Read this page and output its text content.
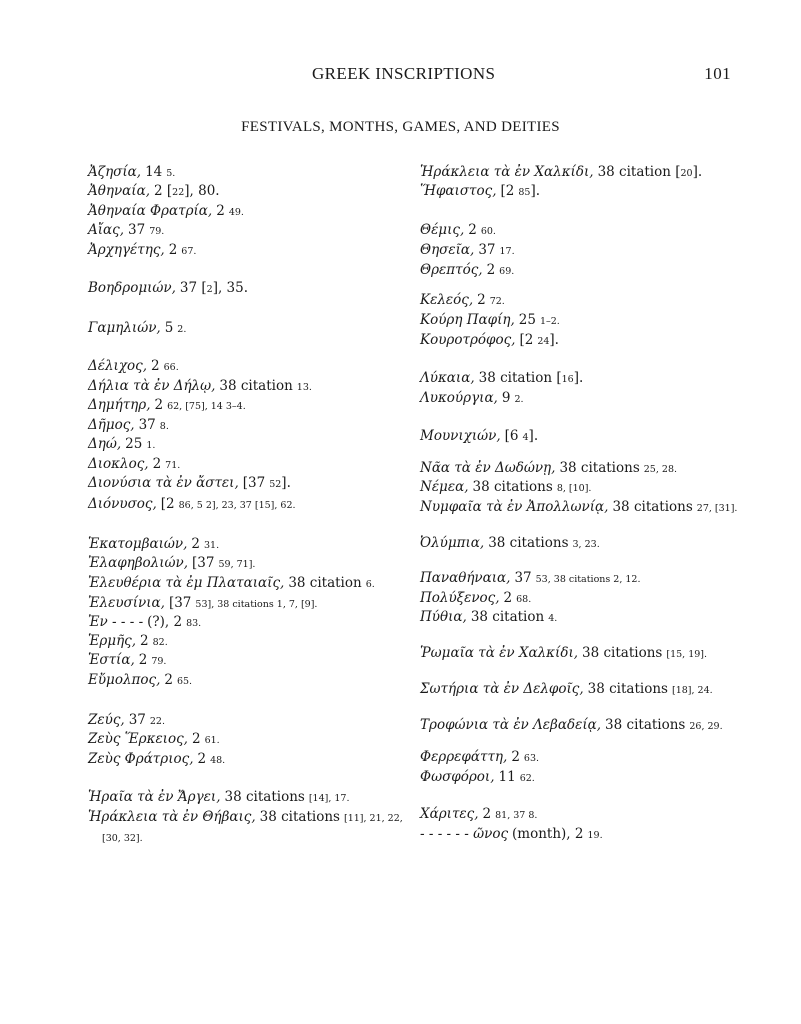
GREEK INSCRIPTIONS	101
FESTIVALS, MONTHS, GAMES, AND DEITIES
Ἀζησία, 14 5.
Ἀθηναία, 2 [22], 80.
Ἀθηναία Φρατρία, 2 49.
Αἴας, 37 79.
Ἀρχηγέτης, 2 67.
Βοηδρομιών, 37 [2], 35.
Γαμηλιών, 5 2.
Δέλιχος, 2 66.
Δήλια τὰ ἐν Δήλῳ, 38 citation 13.
Δημήτηρ, 2 62, [75], 14 3–4.
Δῆμος, 37 8.
Δηώ, 25 1.
Διοκλος, 2 71.
Διονύσια τὰ ἐν ἄστει, [37 52].
Διόνυσος, [2 86, 5 2], 23, 37 [15], 62.
Ἑκατομβαιών, 2 31.
Ἐλαφηβολιών, [37 59, 71].
Ἐλευθέρια τὰ ἐμ Πλαταιαῖς, 38 citation 6.
Ἐλευσίνια, [37 53], 38 citations 1, 7, [9].
Ἐν - - - - (?), 2 83.
Ἑρμῆς, 2 82.
Ἑστία, 2 79.
Εὔμολπος, 2 65.
Ζεύς, 37 22.
Ζεὺς Ἕρκειος, 2 61.
Ζεὺς Φράτριος, 2 48.
Ἡραῖα τὰ ἐν Ἄργει, 38 citations [14], 17.
Ἡράκλεια τὰ ἐν Θήβαις, 38 citations [11], 21, 22,
[30, 32].
Ἡράκλεια τὰ ἐν Χαλκίδι, 38 citation [20].
Ἥφαιστος, [2 85].
Θέμις, 2 60.
Θησεῖα, 37 17.
Θρεπτός, 2 69.
Κελεός, 2 72.
Κούρη Παφίη, 25 1–2.
Κουροτρόφος, [2 24].
Λύκαια, 38 citation [16].
Λυκούργια, 9 2.
Μουνιχιών, [6 4].
Νᾶα τὰ ἐν Δωδώνῃ, 38 citations 25, 28.
Νέμεα, 38 citations 8, [10].
Νυμφαῖα τὰ ἐν Ἀπολλωνίᾳ, 38 citations 27, [31].
Ὀλύμπια, 38 citations 3, 23.
Παναθήναια, 37 53, 38 citations 2, 12.
Πολύξενος, 2 68.
Πύθια, 38 citation 4.
Ῥωμαῖα τὰ ἐν Χαλκίδι, 38 citations [15, 19].
Σωτήρια τὰ ἐν Δελφοῖς, 38 citations [18], 24.
Τροφώνια τὰ ἐν Λεβαδείᾳ, 38 citations 26, 29.
Φερρεφάττη, 2 63.
Φωσφόροι, 11 62.
Χάριτες, 2 81, 37 8.
- - - - - - ῶνος (month), 2 19.
